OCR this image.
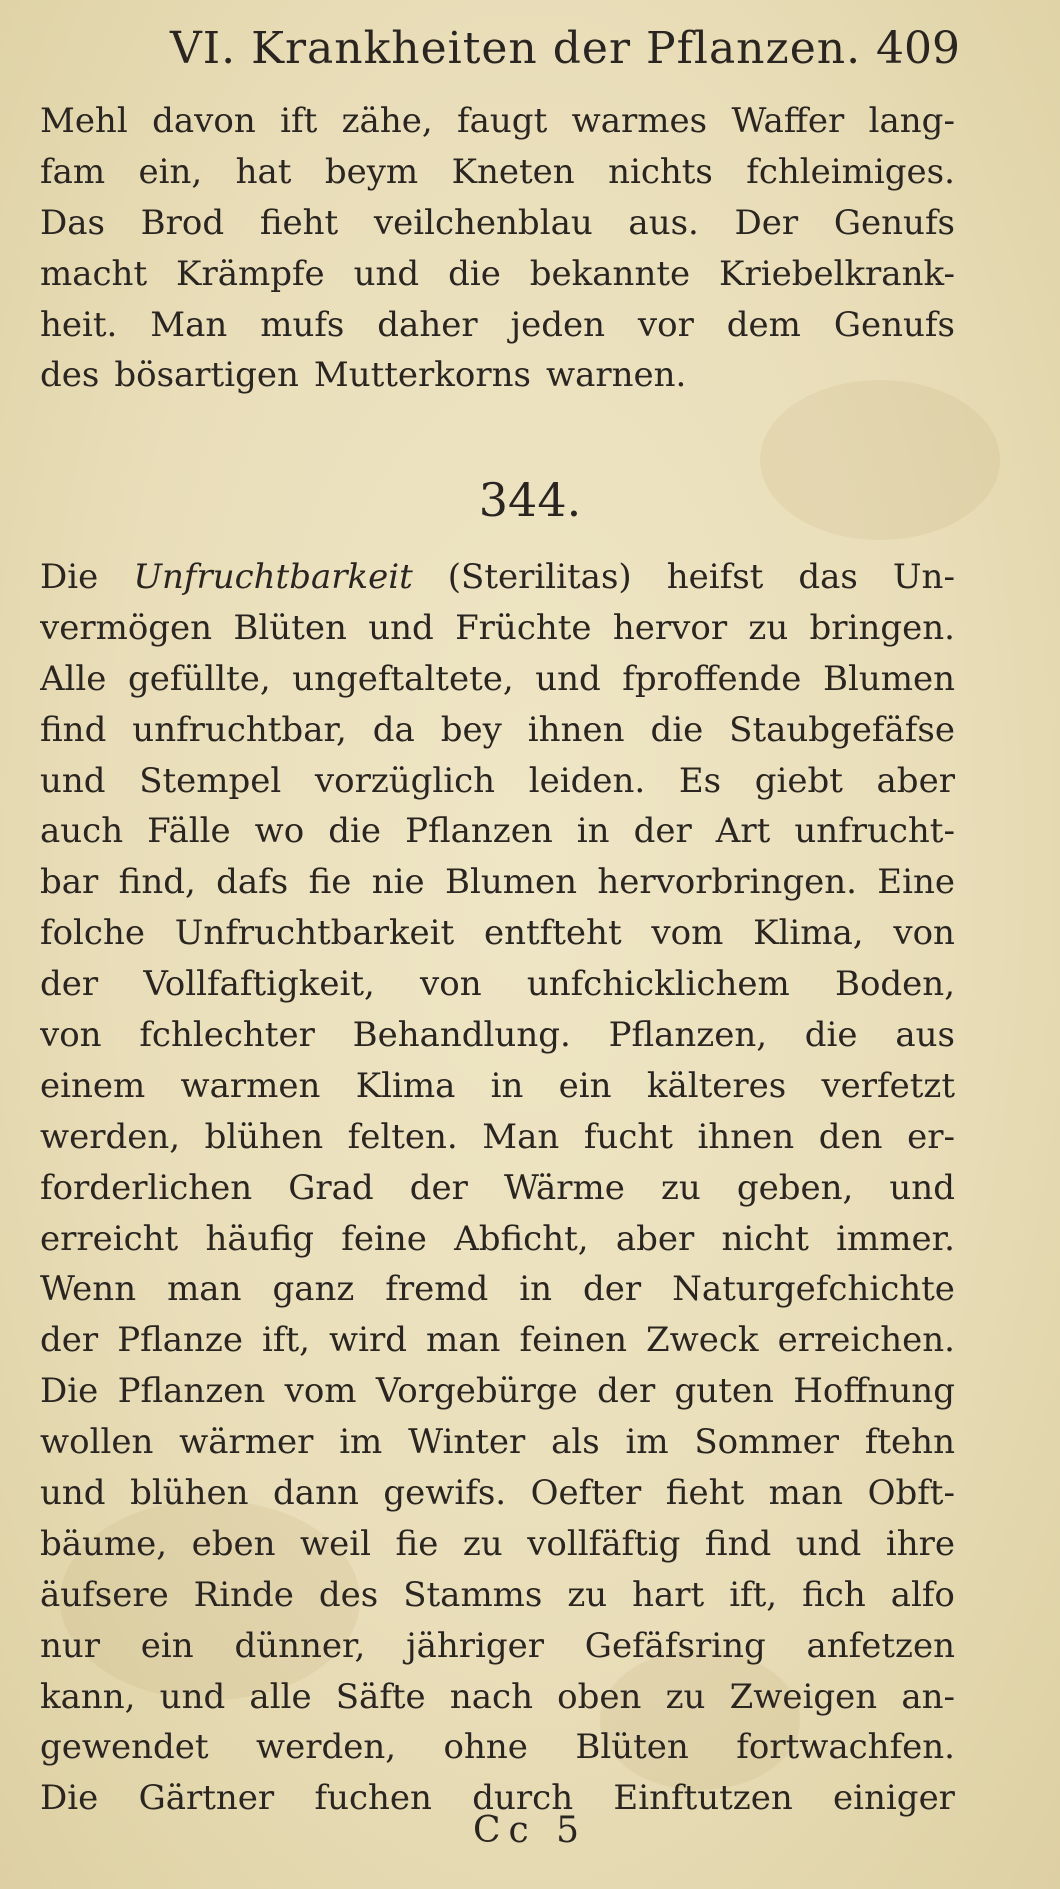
VI. Krankheiten der Pflanzen. 409
Mehl davon ift zähe, faugt warmes Waffer lang-
fam ein, hat beym Kneten nichts fchleimiges.
Das Brod fieht veilchenblau aus. Der Genufs
macht Krämpfe und die bekannte Kriebelkrank-
heit. Man mufs daher jeden vor dem Genufs
des bösartigen Mutterkorns warnen.
344.
Die Unfruchtbarkeit (Sterilitas) heifst das Un-
vermögen Blüten und Früchte hervor zu bringen.
Alle gefüllte, ungeftaltete, und fproffende Blumen
find unfruchtbar, da bey ihnen die Staubgefäfse
und Stempel vorzüglich leiden. Es giebt aber
auch Fälle wo die Pflanzen in der Art unfrucht-
bar find, dafs fie nie Blumen hervorbringen. Eine
folche Unfruchtbarkeit entfteht vom Klima, von
der Vollfaftigkeit, von unfchicklichem Boden,
von fchlechter Behandlung. Pflanzen, die aus
einem warmen Klima in ein kälteres verfetzt
werden, blühen felten. Man fucht ihnen den er-
forderlichen Grad der Wärme zu geben, und
erreicht häufig feine Abficht, aber nicht immer.
Wenn man ganz fremd in der Naturgefchichte
der Pflanze ift, wird man feinen Zweck erreichen.
Die Pflanzen vom Vorgebürge der guten Hoffnung
wollen wärmer im Winter als im Sommer ftehn
und blühen dann gewifs. Oefter fieht man Obft-
bäume, eben weil fie zu vollfäftig find und ihre
äufsere Rinde des Stamms zu hart ift, fich alfo
nur ein dünner, jähriger Gefäfsring anfetzen
kann, und alle Säfte nach oben zu Zweigen an-
gewendet werden, ohne Blüten fortwachfen.
Die Gärtner fuchen durch Einftutzen einiger
Cc 5
